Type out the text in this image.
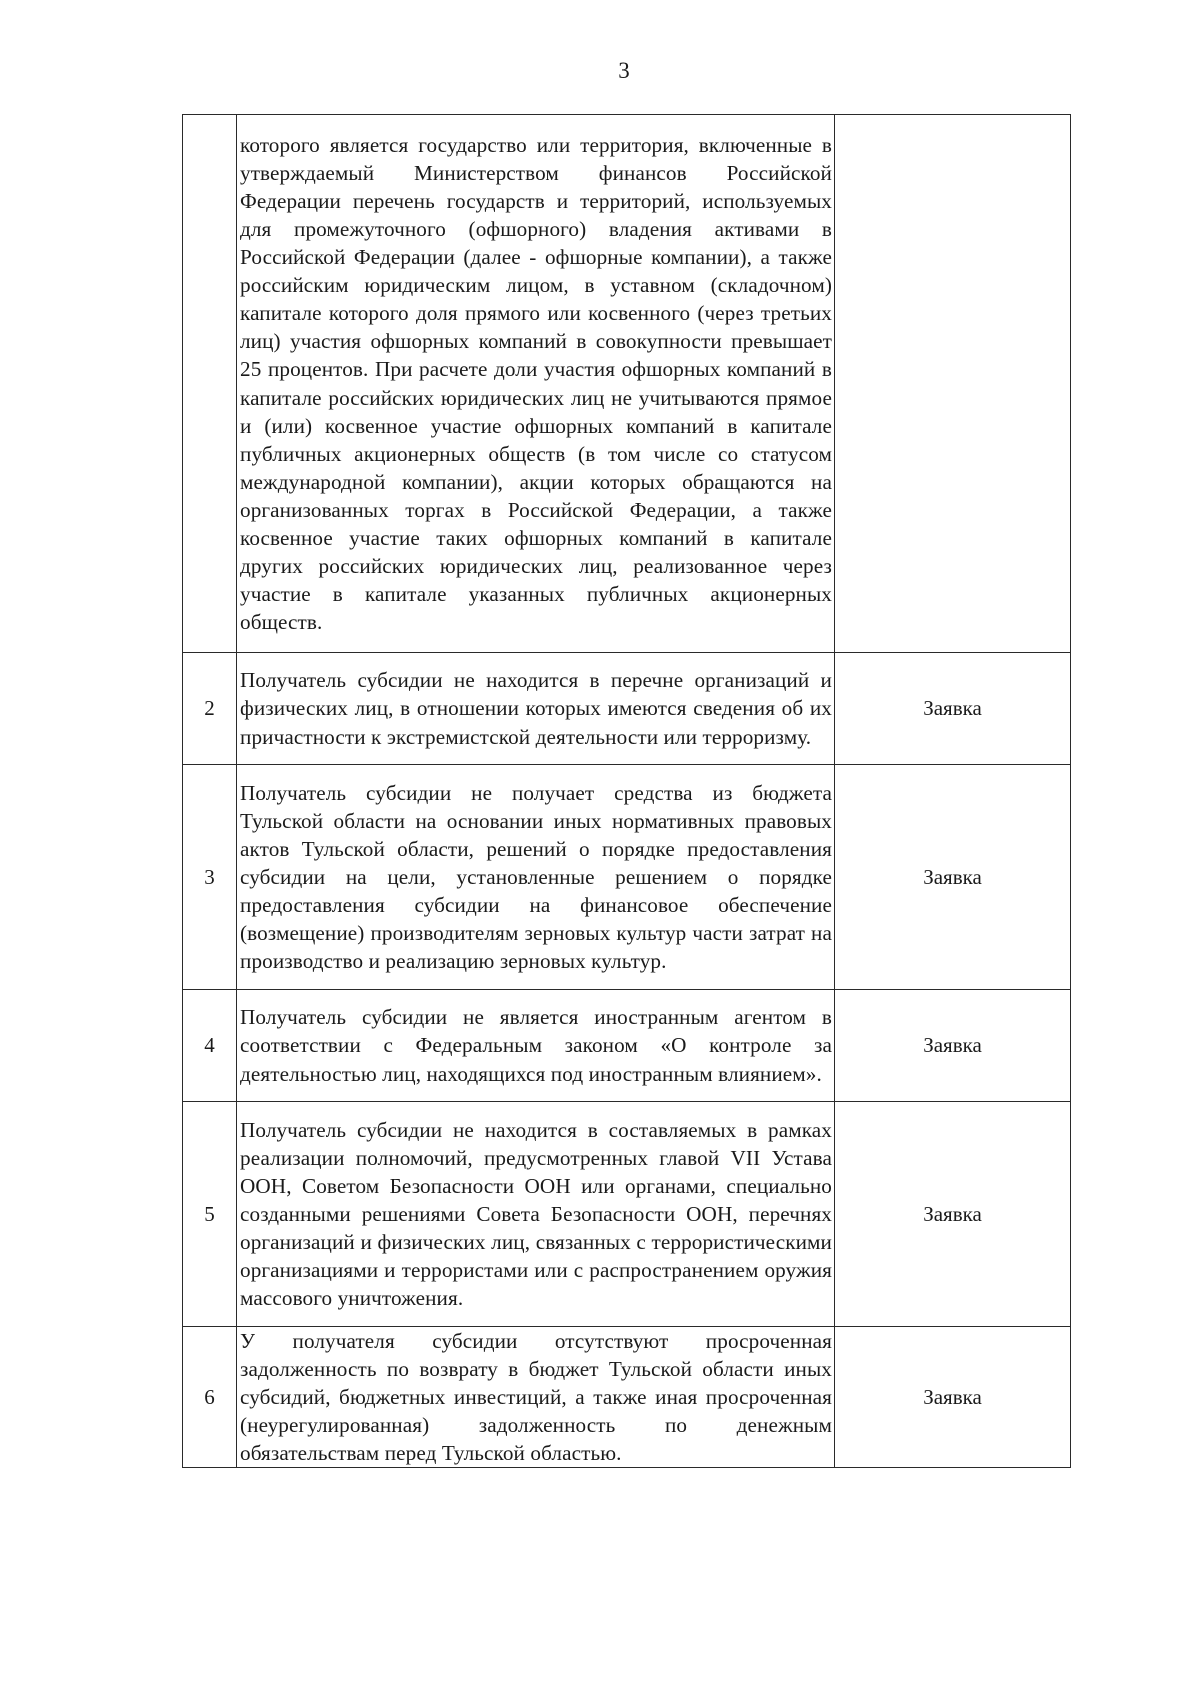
3
	которого является государство или территория, включенные в утверждаемый Министерством финансов Российской Федерации перечень государств и территорий, используемых для промежуточного (офшорного) владения активами в Российской Федерации (далее - офшорные компании), а также российским юридическим лицом, в уставном (складочном) капитале которого доля прямого или косвенного (через третьих лиц) участия офшорных компаний в совокупности превышает 25 процентов. При расчете доли участия офшорных компаний в капитале российских юридических лиц не учитываются прямое и (или) косвенное участие офшорных компаний в капитале публичных акционерных обществ (в том числе со статусом международной компании), акции которых обращаются на организованных торгах в Российской Федерации, а также косвенное участие таких офшорных компаний в капитале других российских юридических лиц, реализованное через участие в капитале указанных публичных акционерных обществ.	
2	Получатель субсидии не находится в перечне организаций и физических лиц, в отношении которых имеются сведения об их причастности к экстремистской деятельности или терроризму.	Заявка
3	Получатель субсидии не получает средства из бюджета Тульской области на основании иных нормативных правовых актов Тульской области, решений о порядке предоставления субсидии на цели, установленные решением о порядке предоставления субсидии на финансовое обеспечение (возмещение) производителям зерновых культур части затрат на производство и реализацию зерновых культур.	Заявка
4	Получатель субсидии не является иностранным агентом в соответствии с Федеральным законом «О контроле за деятельностью лиц, находящихся под иностранным влиянием».	Заявка
5	Получатель субсидии не находится в составляемых в рамках реализации полномочий, предусмотренных главой VII Устава ООН, Советом Безопасности ООН или органами, специально созданными решениями Совета Безопасности ООН, перечнях организаций и физических лиц, связанных с террористическими организациями и террористами или с распространением оружия массового уничтожения.	Заявка
6	У получателя субсидии отсутствуют просроченная задолженность по возврату в бюджет Тульской области иных субсидий, бюджетных инвестиций, а также иная просроченная (неурегулированная) задолженность по денежным обязательствам перед Тульской областью.	Заявка
